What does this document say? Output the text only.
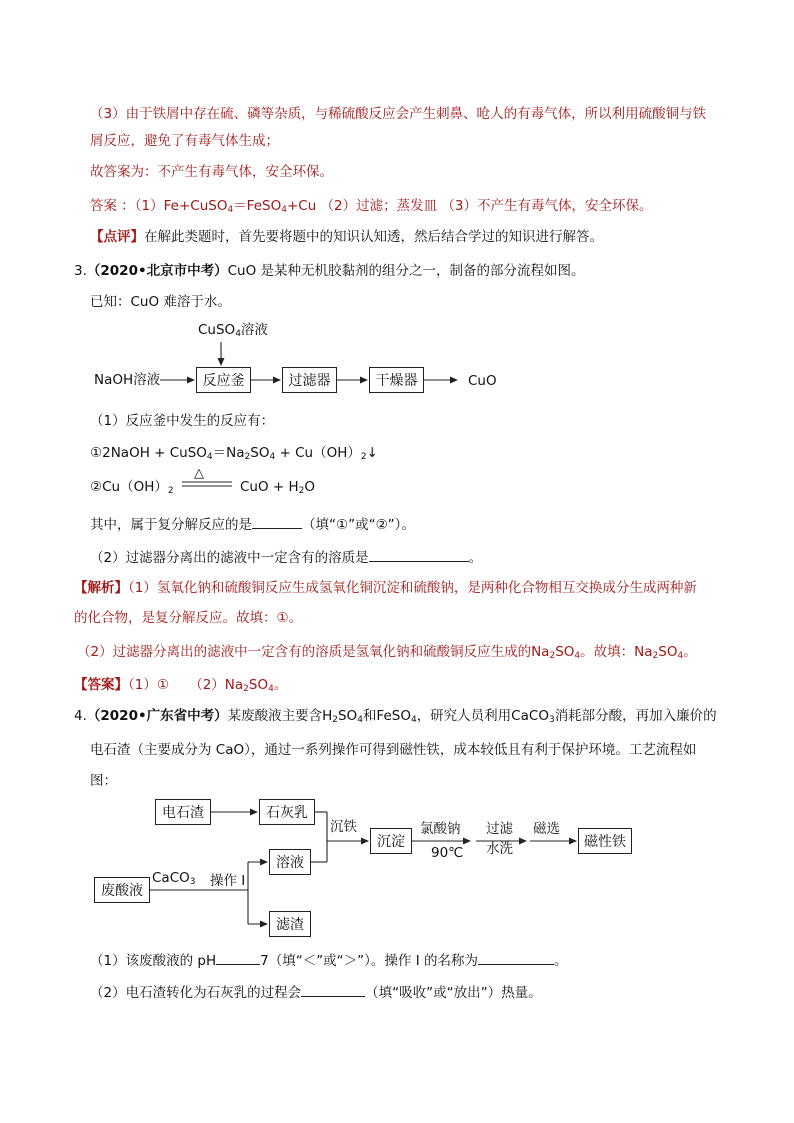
（3）由于铁屑中存在硫、磷等杂质，与稀硫酸反应会产生刺鼻、呛人的有毒气体，所以利用硫酸铜与铁
屑反应，避免了有毒气体生成；
故答案为：不产生有毒气体，安全环保。
答案 ：（1）Fe+CuSO$_4$＝FeSO$_4$+Cu （2）过滤；蒸发皿 （3）不产生有毒气体，安全环保。
【点评】在解此类题时，首先要将题中的知识认知透，然后结合学过的知识进行解答。
3.（2020•北京市中考）CuO 是某种无机胶黏剂的组分之一，制备的部分流程如图。
已知：CuO 难溶于水。
CuSO$_4$溶液
NaOH溶液	反应釜	过滤器	干燥器	CuO
（1）反应釜中发生的反应有：
①2NaOH + $CuSO_4=Na_2SO_4$ + $Cu(OH)_2↓$
$②Cu(OH)_2$
△
CuO + $H_2O$
其中，属于复分解反应的是	（填“①”或“②”）。
（2）过滤器分离出的滤液中一定含有的溶质是	。
【解析】（1）氢氧化钠和硫酸铜反应生成氢氧化铜沉淀和硫酸钠，是两种化合物相互交换成分生成两种新
的化合物，是复分解反应。故填：①。
（2）过滤器分离出的滤液中一定含有的溶质是氢氧化钠和硫酸铜反应生成的$Na_2SO_4$。故填：$Na_2SO_4$。
【答案】（1）①　　$(2)Na_2SO_4$。
4.（2020•广东省中考）某废酸液主要含$H_2SO_4$和FeSO$_4$，研究人员利用CaCO$_3$消耗部分酸，再加入廉价的
电石渣（主要成分为 CaO），通过一系列操作可得到磁性铁，成本较低且有利于保护环境。工艺流程如
图：
电石渣	石灰乳
沉淀	磁性铁
溶液
废酸液
滤渣
沉铁	氯酸钠
90℃
过滤
水洗
磁选
CaCO$_3$ 操作 I
（1）该废酸液的 pH	7（填“＜”或“＞”）。操作 I 的名称为	。
（2）电石渣转化为石灰乳的过程会	（填“吸收”或“放出”）热量。
